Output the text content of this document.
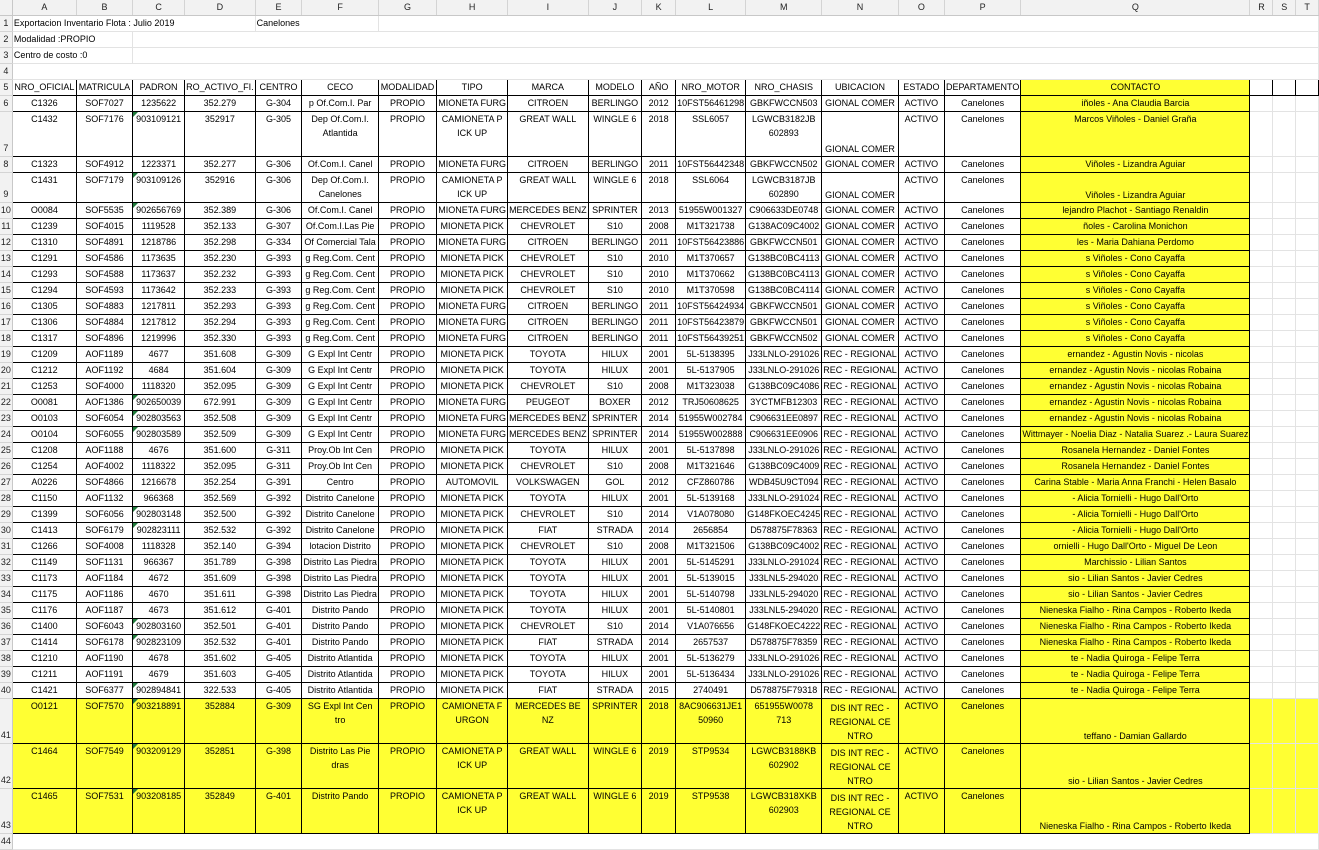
	A	B	C	D	E	F	G	H	I	J	K	L	M	N	O	P	Q	R	S	T
1	Exportacion Inventario Flota : Julio 2019				Canelones															
2	Modalidad :PROPIO																			
3	Centro de costo :0																			
4																				
5	NRO_OFICIAL	MATRICULA	PADRON	RO_ACTIVO_FI.	CENTRO	CECO	MODALIDAD	TIPO	MARCA	MODELO	AÑO	NRO_MOTOR	NRO_CHASIS	UBICACION	ESTADO	DEPARTAMENTO	CONTACTO			
6	C1326	SOF7027	1235622	352.279	G-304	p Of.Com.I. Par	PROPIO	MIONETA FURG	CITROEN	BERLINGO	2012	10FST56461298	GBKFWCCN503	GIONAL COMER	ACTIVO	Canelones	iñoles - Ana Claudia Barcia			
7	C1432	SOF7176	903109121	352917	G-305	Dep Of.Com.I. Atlantida	PROPIO	CAMIONETA P ICK UP	GREAT WALL	WINGLE 6	2018	SSL6057	LGWCB3182JB 602893	GIONAL COMER	ACTIVO	Canelones	Marcos Viñoles - Daniel Graña			
8	C1323	SOF4912	1223371	352.277	G-306	Of.Com.I. Canel	PROPIO	MIONETA FURG	CITROEN	BERLINGO	2011	10FST56442348	GBKFWCCN502	GIONAL COMER	ACTIVO	Canelones	Viñoles - Lizandra Aguiar			
9	C1431	SOF7179	903109126	352916	G-306	Dep Of.Com.I. Canelones	PROPIO	CAMIONETA P ICK UP	GREAT WALL	WINGLE 6	2018	SSL6064	LGWCB3187JB 602890	GIONAL COMER	ACTIVO	Canelones	Viñoles - Lizandra Aguiar			
10	O0084	SOF5535	902656769	352.389	G-306	Of.Com.I. Canel	PROPIO	MIONETA FURG	MERCEDES BENZ	SPRINTER	2013	51955W001327	C906633DE0748	GIONAL COMER	ACTIVO	Canelones	lejandro Plachot - Santiago Renaldin			
11	C1239	SOF4015	1119528	352.133	G-307	Of.Com.I.Las Pie	PROPIO	MIONETA PICK	CHEVROLET	S10	2008	M1T321738	G138AC09C4002	GIONAL COMER	ACTIVO	Canelones	ñoles - Carolina Monichon			
12	C1310	SOF4891	1218786	352.298	G-334	Of Comercial Tala	PROPIO	MIONETA FURG	CITROEN	BERLINGO	2011	10FST56423886	GBKFWCCN501	GIONAL COMER	ACTIVO	Canelones	les - Maria Dahiana Perdomo			
13	C1291	SOF4586	1173635	352.230	G-393	g Reg.Com. Cent	PROPIO	MIONETA PICK	CHEVROLET	S10	2010	M1T370657	G138BC0BC4113	GIONAL COMER	ACTIVO	Canelones	s Viñoles - Cono Cayaffa			
14	C1293	SOF4588	1173637	352.232	G-393	g Reg.Com. Cent	PROPIO	MIONETA PICK	CHEVROLET	S10	2010	M1T370662	G138BC0BC4113	GIONAL COMER	ACTIVO	Canelones	s Viñoles - Cono Cayaffa			
15	C1294	SOF4593	1173642	352.233	G-393	g Reg.Com. Cent	PROPIO	MIONETA PICK	CHEVROLET	S10	2010	M1T370598	G138BC0BC4114	GIONAL COMER	ACTIVO	Canelones	s Viñoles - Cono Cayaffa			
16	C1305	SOF4883	1217811	352.293	G-393	g Reg.Com. Cent	PROPIO	MIONETA FURG	CITROEN	BERLINGO	2011	10FST56424934	GBKFWCCN501	GIONAL COMER	ACTIVO	Canelones	s Viñoles - Cono Cayaffa			
17	C1306	SOF4884	1217812	352.294	G-393	g Reg.Com. Cent	PROPIO	MIONETA FURG	CITROEN	BERLINGO	2011	10FST56423879	GBKFWCCN501	GIONAL COMER	ACTIVO	Canelones	s Viñoles - Cono Cayaffa			
18	C1317	SOF4896	1219996	352.330	G-393	g Reg.Com. Cent	PROPIO	MIONETA FURG	CITROEN	BERLINGO	2011	10FST56439251	GBKFWCCN502	GIONAL COMER	ACTIVO	Canelones	s Viñoles - Cono Cayaffa			
19	C1209	AOF1189	4677	351.608	G-309	G Expl Int Centr	PROPIO	MIONETA PICK	TOYOTA	HILUX	2001	5L-5138395	J33LNLO-291026	REC - REGIONAL	ACTIVO	Canelones	ernandez - Agustin Novis - nicolas			
20	C1212	AOF1192	4684	351.604	G-309	G Expl Int Centr	PROPIO	MIONETA PICK	TOYOTA	HILUX	2001	5L-5137905	J33LNLO-291026	REC - REGIONAL	ACTIVO	Canelones	ernandez - Agustin Novis - nicolas Robaina			
21	C1253	SOF4000	1118320	352.095	G-309	G Expl Int Centr	PROPIO	MIONETA PICK	CHEVROLET	S10	2008	M1T323038	G138BC09C4086	REC - REGIONAL	ACTIVO	Canelones	ernandez - Agustin Novis - nicolas Robaina			
22	O0081	AOF1386	902650039	672.991	G-309	G Expl Int Centr	PROPIO	MIONETA FURG	PEUGEOT	BOXER	2012	TRJ50608625	3YCTMFB12303	REC - REGIONAL	ACTIVO	Canelones	ernandez - Agustin Novis - nicolas Robaina			
23	O0103	SOF6054	902803563	352.508	G-309	G Expl Int Centr	PROPIO	MIONETA FURG	MERCEDES BENZ	SPRINTER	2014	51955W002784	C906631EE0897	REC - REGIONAL	ACTIVO	Canelones	ernandez - Agustin Novis - nicolas Robaina			
24	O0104	SOF6055	902803589	352.509	G-309	G Expl Int Centr	PROPIO	MIONETA FURG	MERCEDES BENZ	SPRINTER	2014	51955W002888	C906631EE0906	REC - REGIONAL	ACTIVO	Canelones	Wittmayer - Noelia Diaz - Natalia Suarez .- Laura Suarez			
25	C1208	AOF1188	4676	351.600	G-311	Proy.Ob Int Cen	PROPIO	MIONETA PICK	TOYOTA	HILUX	2001	5L-5137898	J33LNLO-291026	REC - REGIONAL	ACTIVO	Canelones	Rosanela Hernandez - Daniel Fontes			
26	C1254	AOF4002	1118322	352.095	G-311	Proy.Ob Int Cen	PROPIO	MIONETA PICK	CHEVROLET	S10	2008	M1T321646	G138BC09C4009	REC - REGIONAL	ACTIVO	Canelones	Rosanela Hernandez - Daniel Fontes			
27	A0226	SOF4866	1216678	352.254	G-391	Centro	PROPIO	AUTOMOVIL	VOLKSWAGEN	GOL	2012	CFZ860786	WDB45U9CT094	REC - REGIONAL	ACTIVO	Canelones	Carina Stable - Maria Anna Franchi - Helen Basalo			
28	C1150	AOF1132	966368	352.569	G-392	Distrito Canelone	PROPIO	MIONETA PICK	TOYOTA	HILUX	2001	5L-5139168	J33LNLO-291024	REC - REGIONAL	ACTIVO	Canelones	- Alicia Tornielli - Hugo Dall'Orto			
29	C1399	SOF6056	902803148	352.500	G-392	Distrito Canelone	PROPIO	MIONETA PICK	CHEVROLET	S10	2014	V1A078080	G148FKOEC4245	REC - REGIONAL	ACTIVO	Canelones	- Alicia Tornielli - Hugo Dall'Orto			
30	C1413	SOF6179	902823111	352.532	G-392	Distrito Canelone	PROPIO	MIONETA PICK	FIAT	STRADA	2014	2656854	D578875F78363	REC - REGIONAL	ACTIVO	Canelones	- Alicia Tornielli - Hugo Dall'Orto			
31	C1266	SOF4008	1118328	352.140	G-394	lotacion Distrito	PROPIO	MIONETA PICK	CHEVROLET	S10	2008	M1T321506	G138BC09C4002	REC - REGIONAL	ACTIVO	Canelones	ornielli - Hugo Dall'Orto - Miguel De Leon			
32	C1149	SOF1131	966367	351.789	G-398	Distrito Las Piedra	PROPIO	MIONETA PICK	TOYOTA	HILUX	2001	5L-5145291	J33LNLO-291024	REC - REGIONAL	ACTIVO	Canelones	Marchissio - Lilian Santos			
33	C1173	AOF1184	4672	351.609	G-398	Distrito Las Piedra	PROPIO	MIONETA PICK	TOYOTA	HILUX	2001	5L-5139015	J33LNL5-294020	REC - REGIONAL	ACTIVO	Canelones	sio - Lilian Santos - Javier Cedres			
34	C1175	AOF1186	4670	351.611	G-398	Distrito Las Piedra	PROPIO	MIONETA PICK	TOYOTA	HILUX	2001	5L-5140798	J33LNL5-294020	REC - REGIONAL	ACTIVO	Canelones	sio - Lilian Santos - Javier Cedres			
35	C1176	AOF1187	4673	351.612	G-401	Distrito Pando	PROPIO	MIONETA PICK	TOYOTA	HILUX	2001	5L-5140801	J33LNL5-294020	REC - REGIONAL	ACTIVO	Canelones	Nieneska Fialho - Rina Campos - Roberto Ikeda			
36	C1400	SOF6043	902803160	352.501	G-401	Distrito Pando	PROPIO	MIONETA PICK	CHEVROLET	S10	2014	V1A076656	G148FKOEC4222	REC - REGIONAL	ACTIVO	Canelones	Nieneska Fialho - Rina Campos - Roberto Ikeda			
37	C1414	SOF6178	902823109	352.532	G-401	Distrito Pando	PROPIO	MIONETA PICK	FIAT	STRADA	2014	2657537	D578875F78359	REC - REGIONAL	ACTIVO	Canelones	Nieneska Fialho - Rina Campos - Roberto Ikeda			
38	C1210	AOF1190	4678	351.602	G-405	Distrito Atlantida	PROPIO	MIONETA PICK	TOYOTA	HILUX	2001	5L-5136279	J33LNLO-291026	REC - REGIONAL	ACTIVO	Canelones	te - Nadia Quiroga - Felipe Terra			
39	C1211	AOF1191	4679	351.603	G-405	Distrito Atlantida	PROPIO	MIONETA PICK	TOYOTA	HILUX	2001	5L-5136434	J33LNLO-291026	REC - REGIONAL	ACTIVO	Canelones	te - Nadia Quiroga - Felipe Terra			
40	C1421	SOF6377	902894841	322.533	G-405	Distrito Atlantida	PROPIO	MIONETA PICK	FIAT	STRADA	2015	2740491	D578875F79318	REC - REGIONAL	ACTIVO	Canelones	te - Nadia Quiroga - Felipe Terra			
41	O0121	SOF7570	903218891	352884	G-309	SG Expl Int Cen tro	PROPIO	CAMIONETA F URGON	MERCEDES BE NZ	SPRINTER	2018	8AC906631JE1 50960	651955W0078 713	DIS INT REC - REGIONAL CE NTRO	ACTIVO	Canelones	teffano - Damian Gallardo			
42	C1464	SOF7549	903209129	352851	G-398	Distrito Las Pie dras	PROPIO	CAMIONETA P ICK UP	GREAT WALL	WINGLE 6	2019	STP9534	LGWCB3188KB 602902	DIS INT REC - REGIONAL CE NTRO	ACTIVO	Canelones	sio - Lilian Santos - Javier Cedres			
43	C1465	SOF7531	903208185	352849	G-401	Distrito Pando	PROPIO	CAMIONETA P ICK UP	GREAT WALL	WINGLE 6	2019	STP9538	LGWCB318XKB 602903	DIS INT REC - REGIONAL CE NTRO	ACTIVO	Canelones	Nieneska Fialho - Rina Campos - Roberto Ikeda			
44																				
